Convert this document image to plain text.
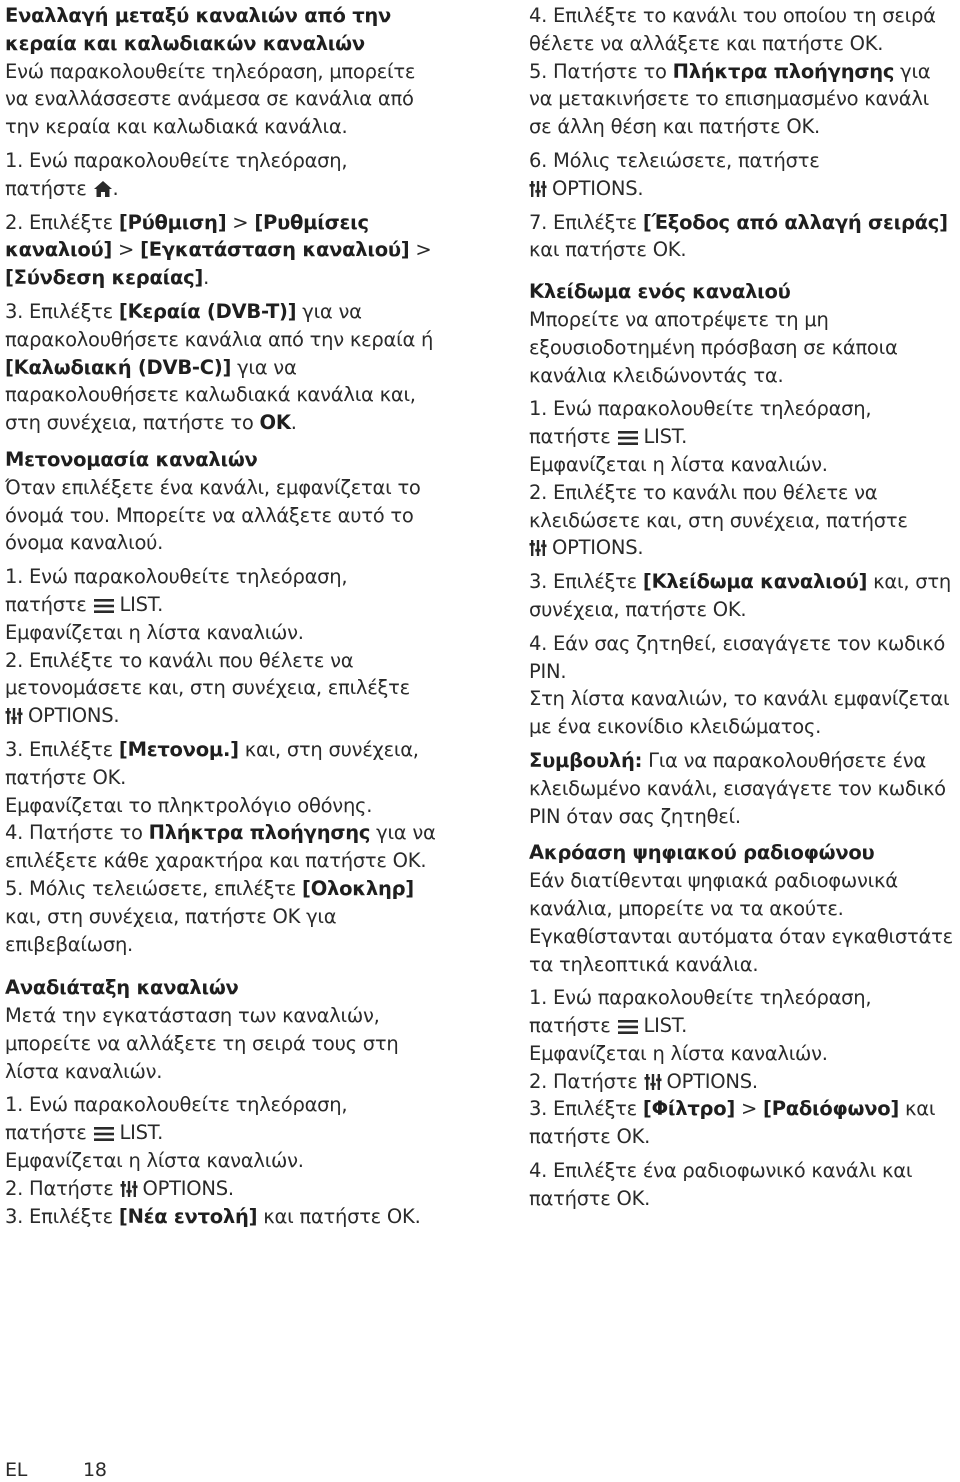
Εναλλαγή μεταξύ καναλιών από την
κεραία και καλωδιακών καναλιών

Ενώ παρακολουθείτε τηλεόραση, μπορείτε να εναλλάσσεστε ανάμεσα σε κανάλια από την κεραία και καλωδιακά κανάλια.

1. Ενώ παρακολουθείτε τηλεόραση,
πατήστε .

2. Επιλέξτε [Ρύθμιση] > [Ρυθμίσεις καναλιού] > [Εγκατάσταση καναλιού] > [Σύνδεση κεραίας].

3. Επιλέξτε [Κεραία (DVB-T)] για να παρακολουθήσετε κανάλια από την κεραία ή [Καλωδιακή (DVB-C)] για να παρακολουθήσετε καλωδιακά κανάλια και, στη συνέχεια, πατήστε το OK.

Μετονομασία καναλιών

Όταν επιλέξετε ένα κανάλι, εμφανίζεται το όνομά του. Μπορείτε να αλλάξετε αυτό το όνομα καναλιού.

1. Ενώ παρακολουθείτε τηλεόραση,
πατήστε LIST.
Εμφανίζεται η λίστα καναλιών.

2. Επιλέξτε το κανάλι που θέλετε να μετονομάσετε και, στη συνέχεια, επιλέξτε
OPTIONS.

3. Επιλέξτε [Μετονομ.] και, στη συνέχεια, πατήστε OK.
Εμφανίζεται το πληκτρολόγιο οθόνης.

4. Πατήστε το Πλήκτρα πλοήγησης για να επιλέξετε κάθε χαρακτήρα και πατήστε OK.

5. Μόλις τελειώσετε, επιλέξτε [Ολοκληρ] και, στη συνέχεια, πατήστε OK για επιβεβαίωση.

Αναδιάταξη καναλιών

Μετά την εγκατάσταση των καναλιών, μπορείτε να αλλάξετε τη σειρά τους στη λίστα καναλιών.

1. Ενώ παρακολουθείτε τηλεόραση,
πατήστε LIST.
Εμφανίζεται η λίστα καναλιών.

2. Πατήστε OPTIONS.

3. Επιλέξτε [Νέα εντολή] και πατήστε OK.

4. Επιλέξτε το κανάλι του οποίου τη σειρά θέλετε να αλλάξετε και πατήστε OK.

5. Πατήστε το Πλήκτρα πλοήγησης για να μετακινήσετε το επισημασμένο κανάλι σε άλλη θέση και πατήστε OK.

6. Μόλις τελειώσετε, πατήστε
OPTIONS.

7. Επιλέξτε [Έξοδος από αλλαγή σειράς] και πατήστε OK.

Κλείδωμα ενός καναλιού

Μπορείτε να αποτρέψετε τη μη εξουσιοδοτημένη πρόσβαση σε κάποια κανάλια κλειδώνοντάς τα.

1. Ενώ παρακολουθείτε τηλεόραση,
πατήστε LIST.
Εμφανίζεται η λίστα καναλιών.

2. Επιλέξτε το κανάλι που θέλετε να κλειδώσετε και, στη συνέχεια, πατήστε
OPTIONS.

3. Επιλέξτε [Κλείδωμα καναλιού] και, στη συνέχεια, πατήστε OK.

4. Εάν σας ζητηθεί, εισαγάγετε τον κωδικό PIN.
Στη λίστα καναλιών, το κανάλι εμφανίζεται με ένα εικονίδιο κλειδώματος.

Συμβουλή: Για να παρακολουθήσετε ένα κλειδωμένο κανάλι, εισαγάγετε τον κωδικό PIN όταν σας ζητηθεί.

Ακρόαση ψηφιακού ραδιοφώνου

Εάν διατίθενται ψηφιακά ραδιοφωνικά κανάλια, μπορείτε να τα ακούτε. Εγκαθίστανται αυτόματα όταν εγκαθιστάτε τα τηλεοπτικά κανάλια.

1. Ενώ παρακολουθείτε τηλεόραση,
πατήστε LIST.
Εμφανίζεται η λίστα καναλιών.

2. Πατήστε OPTIONS.

3. Επιλέξτε [Φίλτρο] > [Ραδιόφωνο] και πατήστε OK.

4. Επιλέξτε ένα ραδιοφωνικό κανάλι και πατήστε OK.

EL	18
